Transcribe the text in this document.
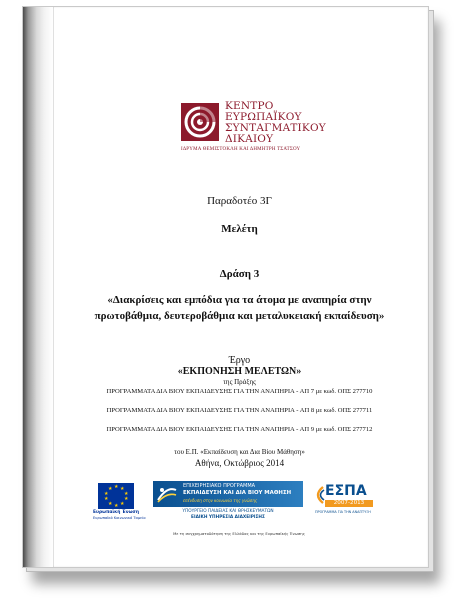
ΚΕΝΤΡΟ
ΕΥΡΩΠΑΪΚΟΥ
ΣΥΝΤΑΓΜΑΤΙΚΟΥ
ΔΙΚΑΙΟΥ
ΙΔΡΥΜΑ ΘΕΜΙΣΤΟΚΛΗ ΚΑΙ ΔΗΜΗΤΡΗ ΤΣΑΤΣΟΥ
Παραδοτέο 3Γ
Μελέτη
Δράση 3
«Διακρίσεις και εμπόδια για τα άτομα με αναπηρία στην πρωτοβάθμια, δευτεροβάθμια και μεταλυκειακή εκπαίδευση»
Έργο
«ΕΚΠΟΝΗΣΗ ΜΕΛΕΤΩΝ»
της Πράξης
ΠΡΟΓΡΑΜΜΑΤΑ ΔΙΑ ΒΙΟΥ ΕΚΠΑΙΔΕΥΣΗΣ ΓΙΑ ΤΗΝ ΑΝΑΠΗΡΙΑ - ΑΠ 7 με κωδ. ΟΠΣ 277710
ΠΡΟΓΡΑΜΜΑΤΑ ΔΙΑ ΒΙΟΥ ΕΚΠΑΙΔΕΥΣΗΣ ΓΙΑ ΤΗΝ ΑΝΑΠΗΡΙΑ - ΑΠ 8 με κωδ. ΟΠΣ 277711
ΠΡΟΓΡΑΜΜΑΤΑ ΔΙΑ ΒΙΟΥ ΕΚΠΑΙΔΕΥΣΗΣ ΓΙΑ ΤΗΝ ΑΝΑΠΗΡΙΑ - ΑΠ 9 με κωδ. ΟΠΣ 277712
του Ε.Π. «Εκπαίδευση και Δια Βίου Μάθηση»
Αθήνα, Οκτώβριος 2014
★ ★
★
★
★
★
★
★
★
★
Ευρωπαϊκή Ένωση
Ευρωπαϊκό Κοινωνικό Ταμείο
ΕΠΙΧΕΙΡΗΣΙΑΚΟ ΠΡΟΓΡΑΜΜΑ
ΕΚΠΑΙΔΕΥΣΗ ΚΑΙ ΔΙΑ ΒΙΟΥ ΜΑΘΗΣΗ
επένδυση στην κοινωνία της γνώσης
ΥΠΟΥΡΓΕΙΟ ΠΑΙΔΕΙΑΣ ΚΑΙ ΘΡΗΣΚΕΥΜΑΤΩΝ
ΕΙΔΙΚΗ ΥΠΗΡΕΣΙΑ ΔΙΑΧΕΙΡΙΣΗΣ
ΕΣΠΑ
2007-2013
ΠΡΟΓΡΑΜΜΑ ΓΙΑ ΤΗΝ ΑΝΑΠΤΥΞΗ
Με τη συγχρηματοδότηση της Ελλάδας και της Ευρωπαϊκής Ένωσης
